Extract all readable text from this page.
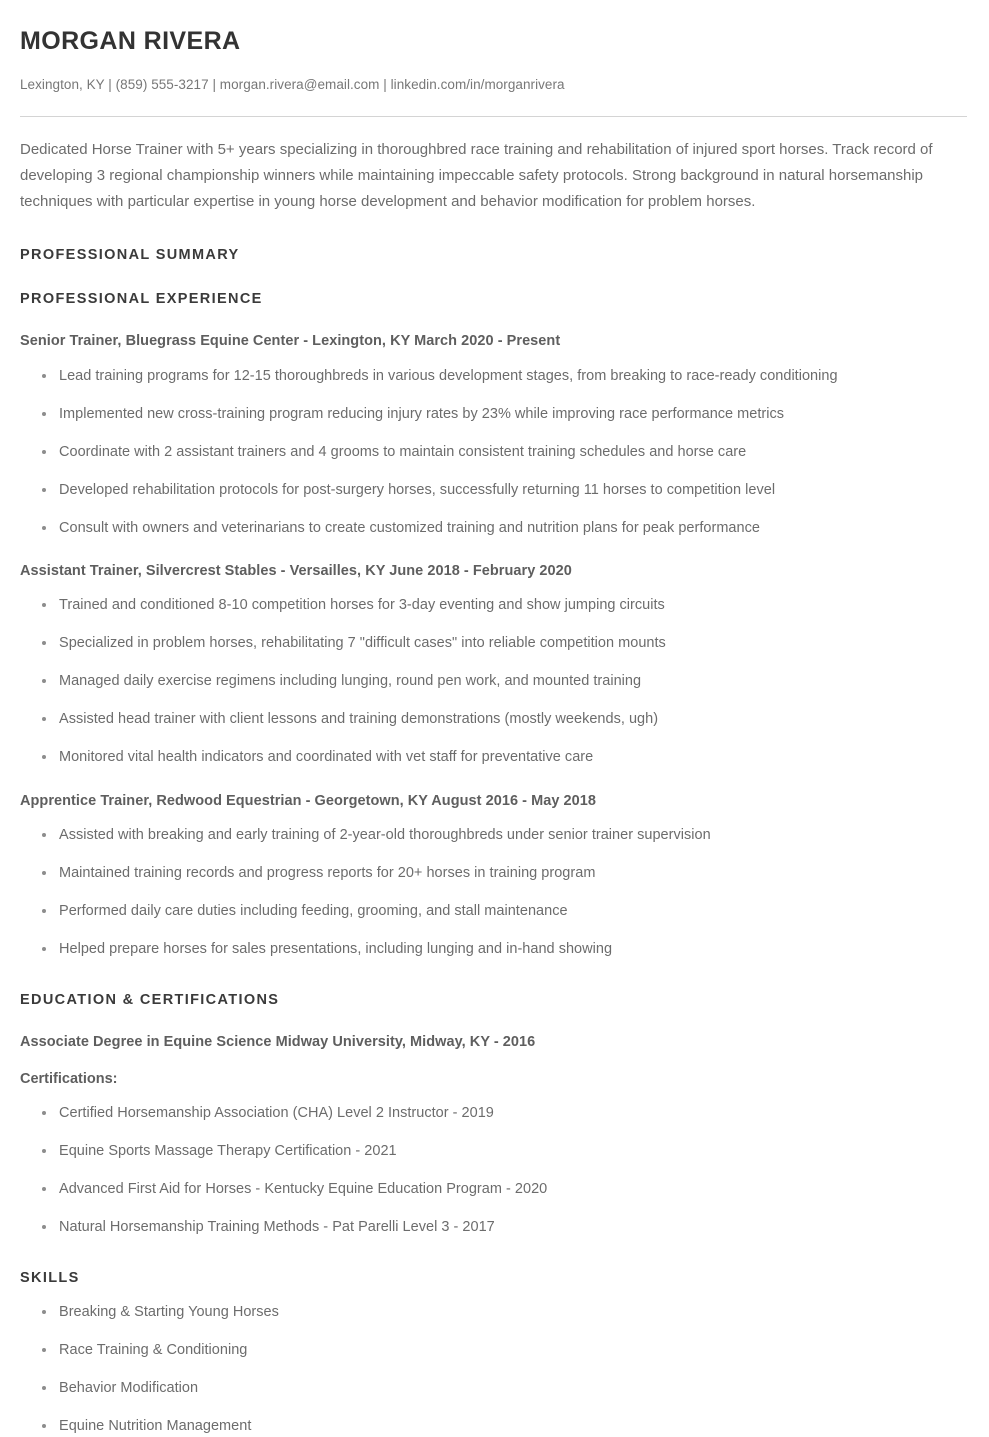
MORGAN RIVERA

Lexington, KY | (859) 555-3217 | morgan.rivera@email.com | linkedin.com/in/morganrivera

Dedicated Horse Trainer with 5+ years specializing in thoroughbred race training and rehabilitation of injured sport horses. Track record of developing 3 regional championship winners while maintaining impeccable safety protocols. Strong background in natural horsemanship techniques with particular expertise in young horse development and behavior modification for problem horses.

PROFESSIONAL SUMMARY
PROFESSIONAL EXPERIENCE
Senior Trainer, Bluegrass Equine Center - Lexington, KY March 2020 - Present
Lead training programs for 12-15 thoroughbreds in various development stages, from breaking to race-ready conditioning
Implemented new cross-training program reducing injury rates by 23% while improving race performance metrics
Coordinate with 2 assistant trainers and 4 grooms to maintain consistent training schedules and horse care
Developed rehabilitation protocols for post-surgery horses, successfully returning 11 horses to competition level
Consult with owners and veterinarians to create customized training and nutrition plans for peak performance
Assistant Trainer, Silvercrest Stables - Versailles, KY June 2018 - February 2020
Trained and conditioned 8-10 competition horses for 3-day eventing and show jumping circuits
Specialized in problem horses, rehabilitating 7 "difficult cases" into reliable competition mounts
Managed daily exercise regimens including lunging, round pen work, and mounted training
Assisted head trainer with client lessons and training demonstrations (mostly weekends, ugh)
Monitored vital health indicators and coordinated with vet staff for preventative care
Apprentice Trainer, Redwood Equestrian - Georgetown, KY August 2016 - May 2018
Assisted with breaking and early training of 2-year-old thoroughbreds under senior trainer supervision
Maintained training records and progress reports for 20+ horses in training program
Performed daily care duties including feeding, grooming, and stall maintenance
Helped prepare horses for sales presentations, including lunging and in-hand showing
EDUCATION & CERTIFICATIONS
Associate Degree in Equine Science Midway University, Midway, KY - 2016

Certifications:

Certified Horsemanship Association (CHA) Level 2 Instructor - 2019
Equine Sports Massage Therapy Certification - 2021
Advanced First Aid for Horses - Kentucky Equine Education Program - 2020
Natural Horsemanship Training Methods - Pat Parelli Level 3 - 2017
SKILLS
Breaking & Starting Young Horses
Race Training & Conditioning
Behavior Modification
Equine Nutrition Management
